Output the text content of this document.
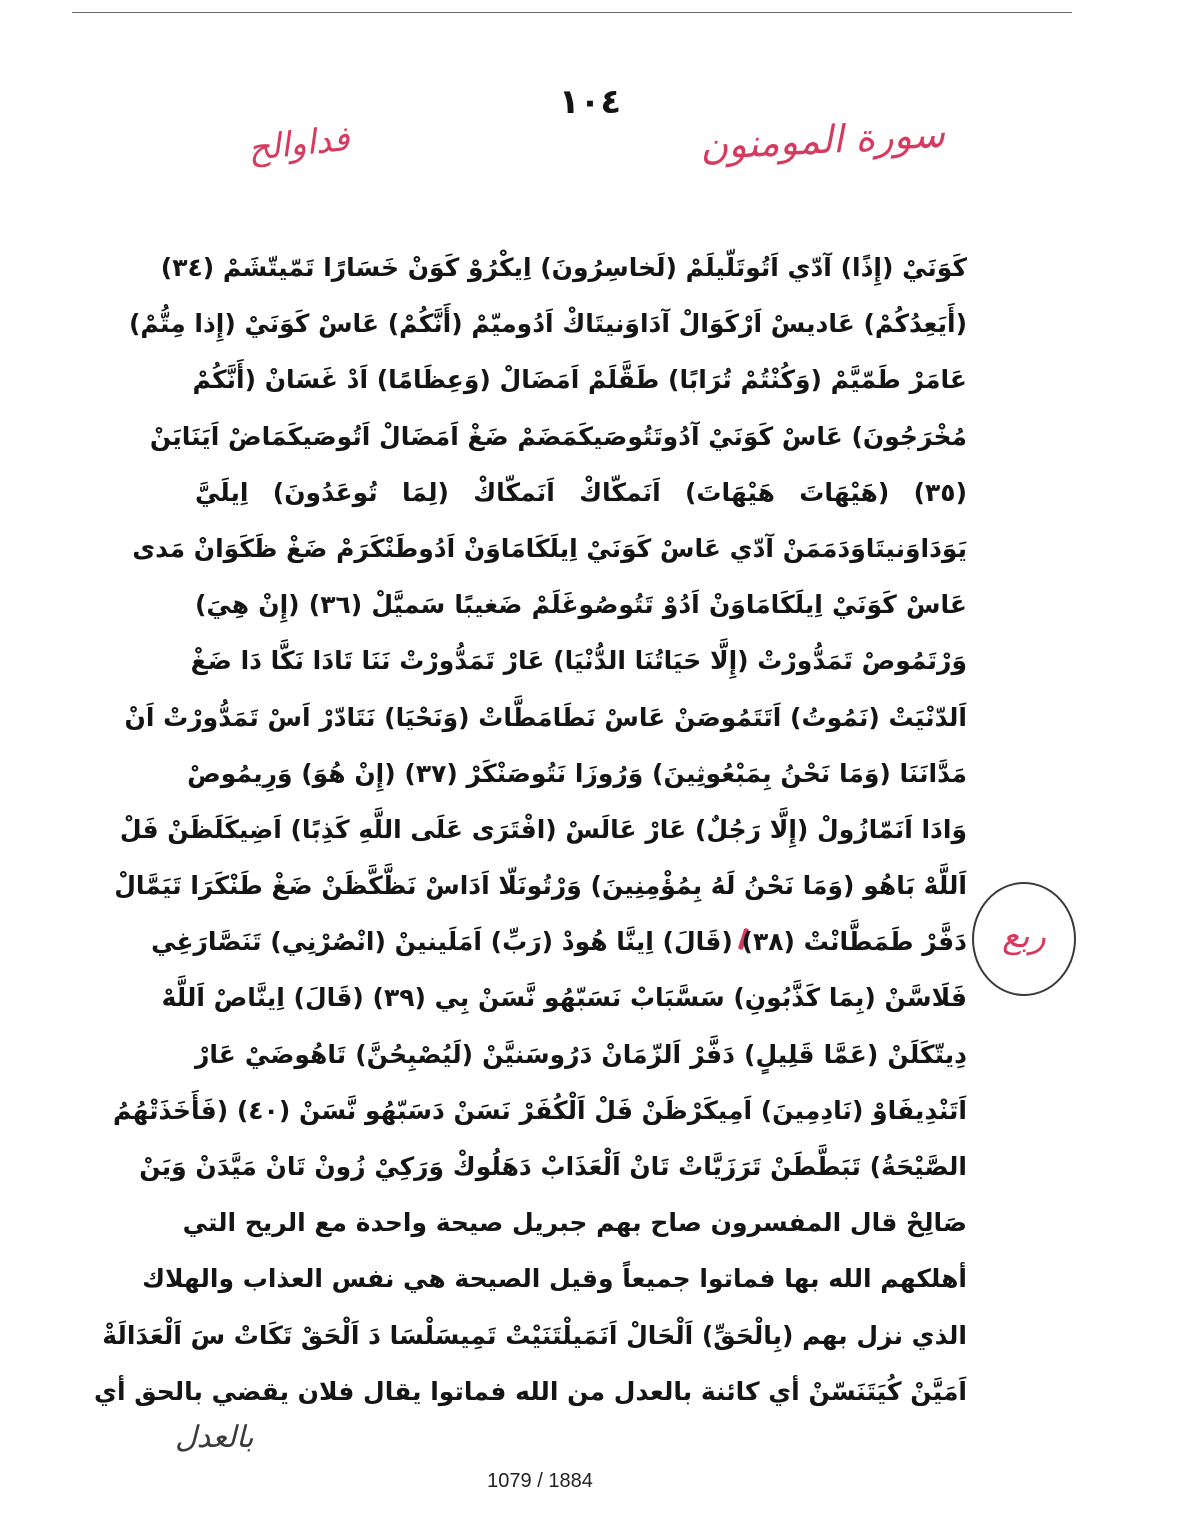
١٠٤
سورة المومنون
فداوالح
ربع
كَوَنَيْ (إِذًا) آدّي اَتُوتَلّيلَمْ (لَخاسِرُونَ) اِيكْرُوْ كَوَنْ خَسَارًا تَمّيتّشَمْ (٣٤)
(أَيَعِدُكُمْ) عَاديسْ اَرْكَوَالْ آدَاوَنيتَاكْ اَدُوميّمْ (أَنَّكُمْ) عَاسْ كَوَنَيْ (إِذا مِتُّمْ)
عَامَرْ طَمّيَّمْ (وَكُنْتُمْ تُرَابًا) طَقَّلَمْ اَمَضَالْ (وَعِظَامًا) اَدْ غَسَانْ (أَنَّكُمْ
مُخْرَجُونَ) عَاسْ كَوَنَيْ آدُوتَتُوصَيكَمَضَمْ ضَغْ اَمَضَالْ اَتُوصَيكَمَاضْ اَيَنَايَنْ
(٣٥) (هَيْهَاتَ هَيْهَاتَ) اَنَمكّاكْ اَنَمكّاكْ (لِمَا تُوعَدُونَ) اِيلَيَّ
يَوَدَاوَنيتَاوَدَمَمَنْ آدّي عَاسْ كَوَنَيْ اِيلَكَامَاوَنْ اَدُوطَنْكَرَمْ ضَغْ ظَكَوَانْ مَدى
عَاسْ كَوَنَيْ اِيلَكَامَاوَنْ اَدُوْ تَتُوصُوغَلَمْ ضَغيبًا سَميَّلْ (٣٦) (إِنْ هِيَ)
وَرْتَمُوصْ تَمَدُّورْتْ (إِلَّا حَيَاتُنَا الدُّنْيَا) عَارْ تَمَدُّورْتْ نَنَا تَادَا نَكَّا دَا ضَغْ
اَلدّنْيَتْ (نَمُوتُ) اَتَتَمُوصَنْ عَاسْ نَطَامَطَّاتْ (وَنَحْيَا) نَتَادّرْ اَسْ تَمَدُّورْتْ اَنْ
مَدَّانَنَا (وَمَا نَحْنُ بِمَبْعُوثِينَ) وَرُوزَا نَتُوصَنْكَرْ (٣٧) (إِنْ هُوَ) وَرِيمُوصْ
وَادَا اَنَمّازُولْ (إِلَّا رَجُلٌ) عَارْ عَالَسْ (افْتَرَى عَلَى اللَّهِ كَذِبًا) اَضِيكَلَظَنْ فَلْ
اَللَّهْ بَاهُو (وَمَا نَحْنُ لَهُ بِمُؤْمِنِينَ) وَرْتُونَلّا اَدَاسْ نَظَّكَّظَنْ ضَغْ طَنْكَرَا تَيَمَّالْ
دَفَّرْ طَمَطَّانْتْ (٣٨) (قَالَ) اِينَّا هُودْ (رَبِّ) اَمَلَينينْ (انْصُرْنِي) تَنَصَّارَغِي
فَلَاسَّنْ (بِمَا كَذَّبُونِ) سَسَّبَابْ نَسَبّهُو نَّسَنْ بِي (٣٩) (قَالَ) اِينَّاصْ اَللَّهْ
دِيتّكَلَنْ (عَمَّا قَلِيلٍ) دَفَّرْ اَلزّمَانْ دَرُوسَنيَّنْ (لَيُصْبِحُنَّ) تَاهُوضَيْ عَارْ
اَتَنْدِيفَاوْ (نَادِمِينَ) اَمِيكَرْظَنْ فَلْ اَلْكُفَرْ نَسَنْ دَسَبّهُو نَّسَنْ (٤٠) (فَأَخَذَتْهُمُ
الصَّيْحَةُ) تَبَطَّطَنْ تَرَزَيَّاتْ تَانْ اَلْعَذَابْ دَهَلُوكْ وَرَكِيْ زُونْ تَانْ مَيَّدَنْ وَيَنْ
صَالِحْ قال المفسرون صاح بهم جبريل صيحة واحدة مع الريح التي
أهلكهم الله بها فماتوا جميعاً وقيل الصيحة هي نفس العذاب والهلاك
الذي نزل بهم (بِالْحَقِّ) اَلْحَالْ اَنَمَيلْتَنَيْتْ تَمِيسَلْسَا دَ اَلْحَقْ تَكَاتْ سَ اَلْعَدَالَةْ
اَمَيَّنْ كُيَتَنَسّنْ أي كائنة بالعدل من الله فماتوا يقال فلان يقضي بالحق أي
بالعدل
1079 / 1884
